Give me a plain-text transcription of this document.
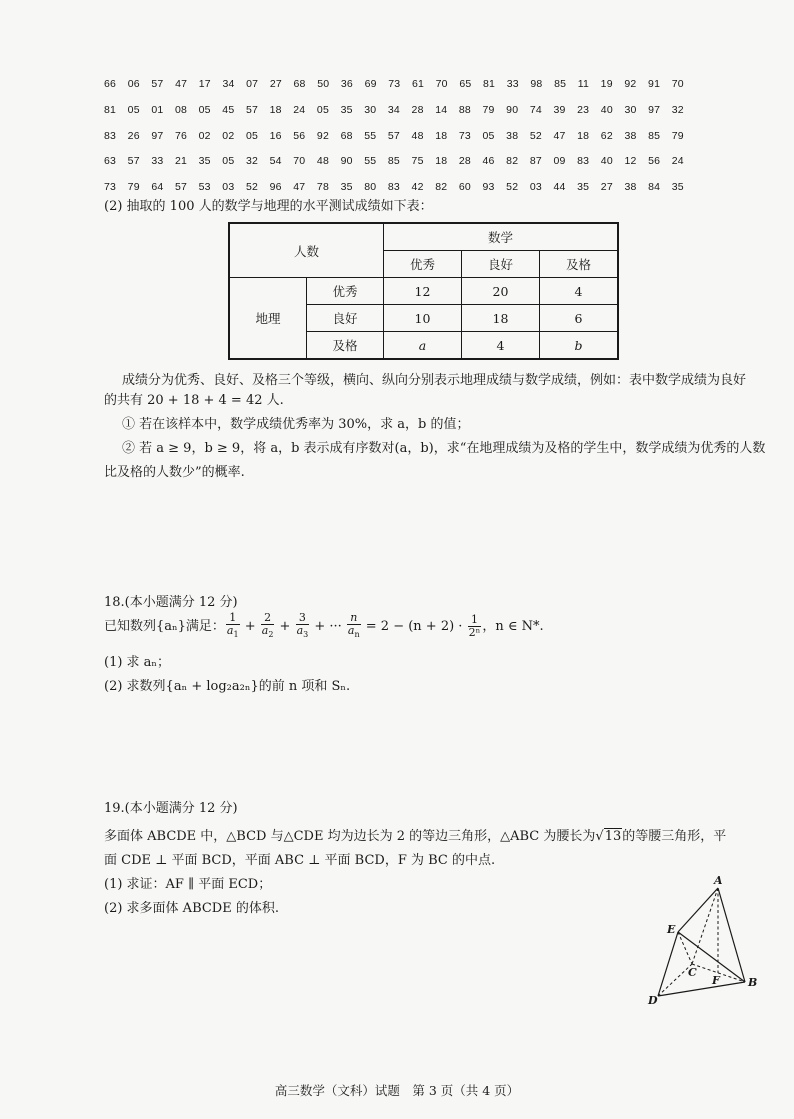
66 06 57 47 17 34 07 27 68 50 36 69 73 61 70 65 81 33 98 85 11 19 92 91 70
81 05 01 08 05 45 57 18 24 05 35 30 34 28 14 88 79 90 74 39 23 40 30 97 32
83 26 97 76 02 02 05 16 56 92 68 55 57 48 18 73 05 38 52 47 18 62 38 85 79
63 57 33 21 35 05 32 54 70 48 90 55 85 75 18 28 46 82 87 09 83 40 12 56 24
73 79 64 57 53 03 52 96 47 78 35 80 83 42 82 60 93 52 03 44 35 27 38 84 35
(2) 抽取的 100 人的数学与地理的水平测试成绩如下表：
人数		数学		
		优秀	良好	及格
地理	优秀	12	20	4
	良好	10	18	6
	及格	a	4	b
成绩分为优秀、良好、及格三个等级，横向、纵向分别表示地理成绩与数学成绩，例如：表中数学成绩为良好
的共有 20 + 18 + 4 = 42 人.
① 若在该样本中，数学成绩优秀率为 30%，求 a，b 的值；
② 若 a ≥ 9，b ≥ 9，将 a，b 表示成有序数对(a，b)，求“在地理成绩为及格的学生中，数学成绩为优秀的人数
比及格的人数少”的概率.
18.(本小题满分 12 分)
已知数列{aₙ}满足： $\frac{1}{a_1} + \frac{2}{a_2} + \frac{3}{a_3}$ + ··· $\frac{n}{a_n} = 2 - (n + 2) \cdot \frac{1}{\text{2ⁿ}}$ ，n ∈ N*.
(1) 求 aₙ；
(2) 求数列{aₙ + log₂a₂ₙ}的前 n 项和 Sₙ.
19.(本小题满分 12 分)
多面体 ABCDE 中，△BCD 与△CDE 均为边长为 2 的等边三角形，△ABC 为腰长为√13的等腰三角形，平
面 CDE ⊥ 平面 BCD，平面 ABC ⊥ 平面 BCD，F 为 BC 的中点.
(1) 求证：AF ∥ 平面 ECD；
(2) 求多面体 ABCDE 的体积.
A
B
C
D
E
F
高三数学（文科）试题　第 3 页（共 4 页）
